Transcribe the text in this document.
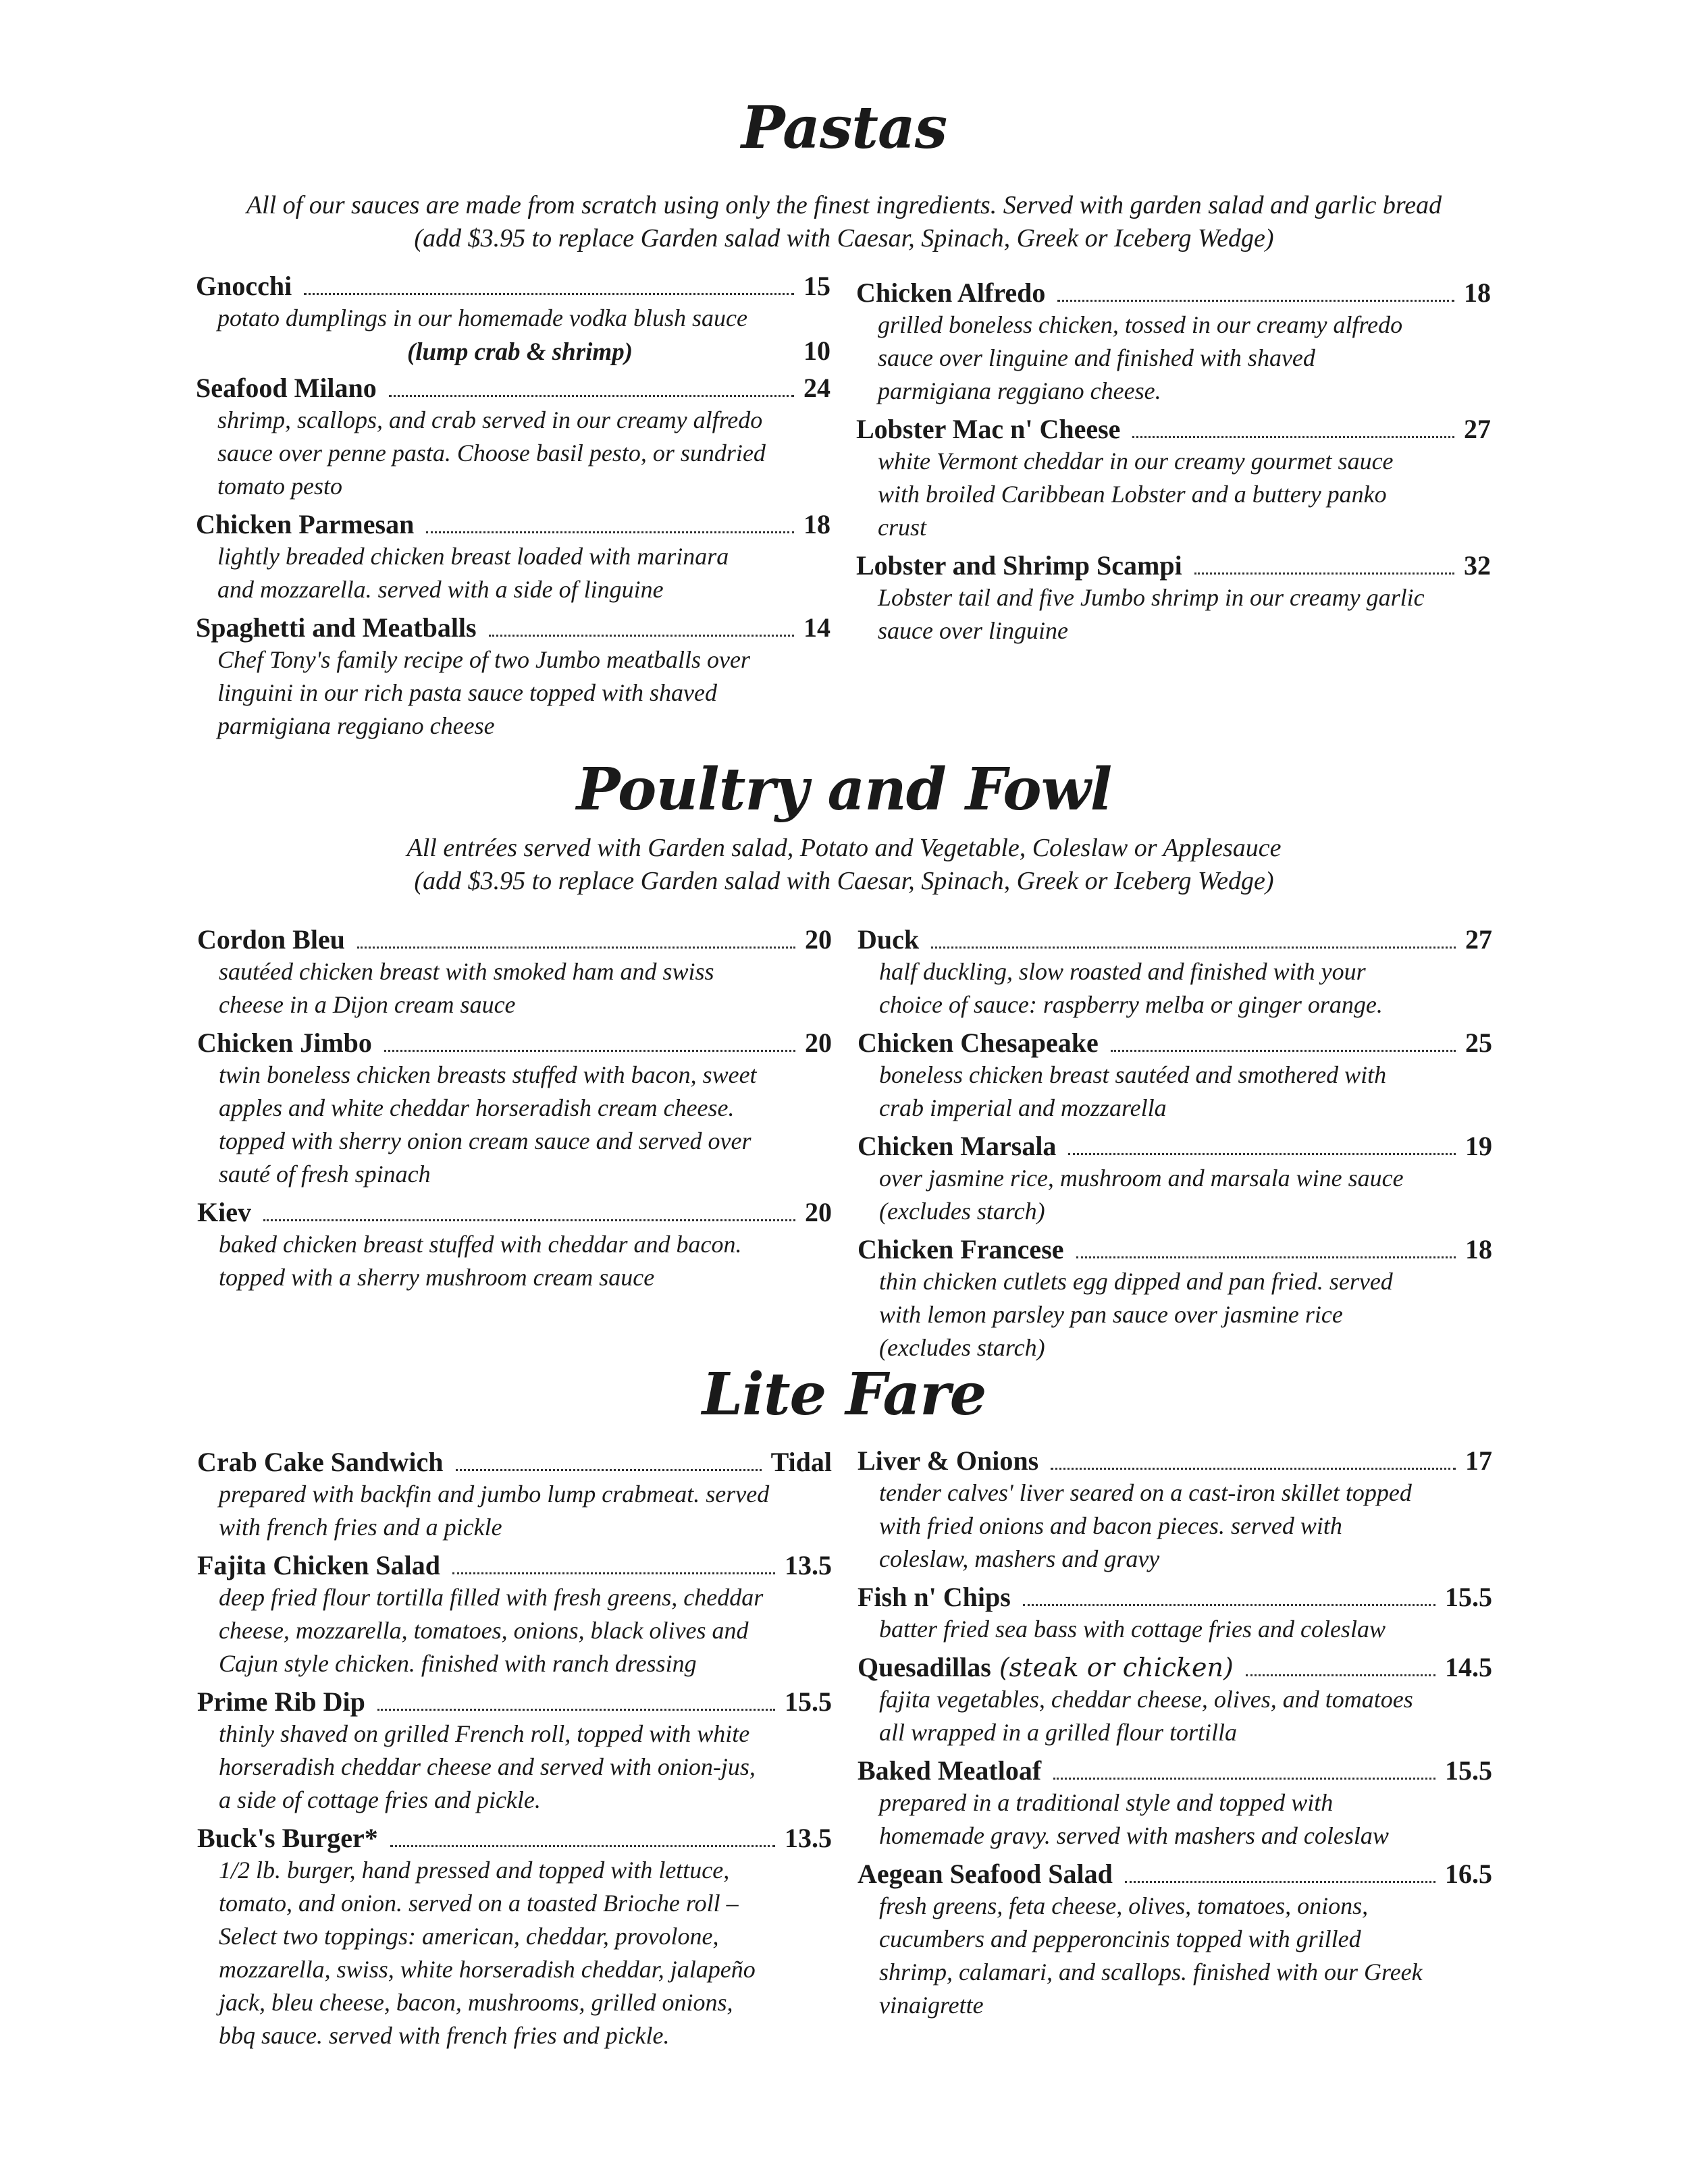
Pastas
All of our sauces are made from scratch using only the finest ingredients. Served with garden salad and garlic bread
(add $3.95 to replace Garden salad with Caesar, Spinach, Greek or Iceberg Wedge)
Gnocchi	15
potato dumplings in our homemade vodka blush sauce
(lump crab & shrimp)	10
Seafood Milano	24
shrimp, scallops, and crab served in our creamy alfredo sauce over penne pasta. Choose basil pesto, or sundried tomato pesto
Chicken Parmesan	18
lightly breaded chicken breast loaded with marinara and mozzarella. served with a side of linguine
Spaghetti and Meatballs	14
Chef Tony's family recipe of two Jumbo meatballs over linguini in our rich pasta sauce topped with shaved parmigiana reggiano cheese
Chicken Alfredo	18
grilled boneless chicken, tossed in our creamy alfredo sauce over linguine and finished with shaved parmigiana reggiano cheese.
Lobster Mac n' Cheese	27
white Vermont cheddar in our creamy gourmet sauce with broiled Caribbean Lobster and a buttery panko crust
Lobster and Shrimp Scampi	32
Lobster tail and five Jumbo shrimp in our creamy garlic sauce over linguine
Poultry and Fowl
All entrées served with Garden salad, Potato and Vegetable, Coleslaw or Applesauce
(add $3.95 to replace Garden salad with Caesar, Spinach, Greek or Iceberg Wedge)
Cordon Bleu	20
sautéed chicken breast with smoked ham and swiss cheese in a Dijon cream sauce
Chicken Jimbo	20
twin boneless chicken breasts stuffed with bacon, sweet apples and white cheddar horseradish cream cheese. topped with sherry onion cream sauce and served over sauté of fresh spinach
Kiev	20
baked chicken breast stuffed with cheddar and bacon. topped with a sherry mushroom cream sauce
Duck	27
half duckling, slow roasted and finished with your choice of sauce: raspberry melba or ginger orange.
Chicken Chesapeake	25
boneless chicken breast sautéed and smothered with crab imperial and mozzarella
Chicken Marsala	19
over jasmine rice, mushroom and marsala wine sauce (excludes starch)
Chicken Francese	18
thin chicken cutlets egg dipped and pan fried. served with lemon parsley pan sauce over jasmine rice (excludes starch)
Lite Fare
Crab Cake Sandwich	Tidal
prepared with backfin and jumbo lump crabmeat. served with french fries and a pickle
Fajita Chicken Salad	13.5
deep fried flour tortilla filled with fresh greens, cheddar cheese, mozzarella, tomatoes, onions, black olives and Cajun style chicken. finished with ranch dressing
Prime Rib Dip	15.5
thinly shaved on grilled French roll, topped with white horseradish cheddar cheese and served with onion-jus, a side of cottage fries and pickle.
Buck's Burger*	13.5
1/2 lb. burger, hand pressed and topped with lettuce, tomato, and onion. served on a toasted Brioche roll – Select two toppings: american, cheddar, provolone, mozzarella, swiss, white horseradish cheddar, jalapeño jack, bleu cheese, bacon, mushrooms, grilled onions, bbq sauce. served with french fries and pickle.
Liver & Onions	17
tender calves' liver seared on a cast-iron skillet topped with fried onions and bacon pieces. served with coleslaw, mashers and gravy
Fish n' Chips	15.5
batter fried sea bass with cottage fries and coleslaw
Quesadillas (steak or chicken)	14.5
fajita vegetables, cheddar cheese, olives, and tomatoes all wrapped in a grilled flour tortilla
Baked Meatloaf	15.5
prepared in a traditional style and topped with homemade gravy. served with mashers and coleslaw
Aegean Seafood Salad	16.5
fresh greens, feta cheese, olives, tomatoes, onions, cucumbers and pepperoncinis topped with grilled shrimp, calamari, and scallops. finished with our Greek vinaigrette
